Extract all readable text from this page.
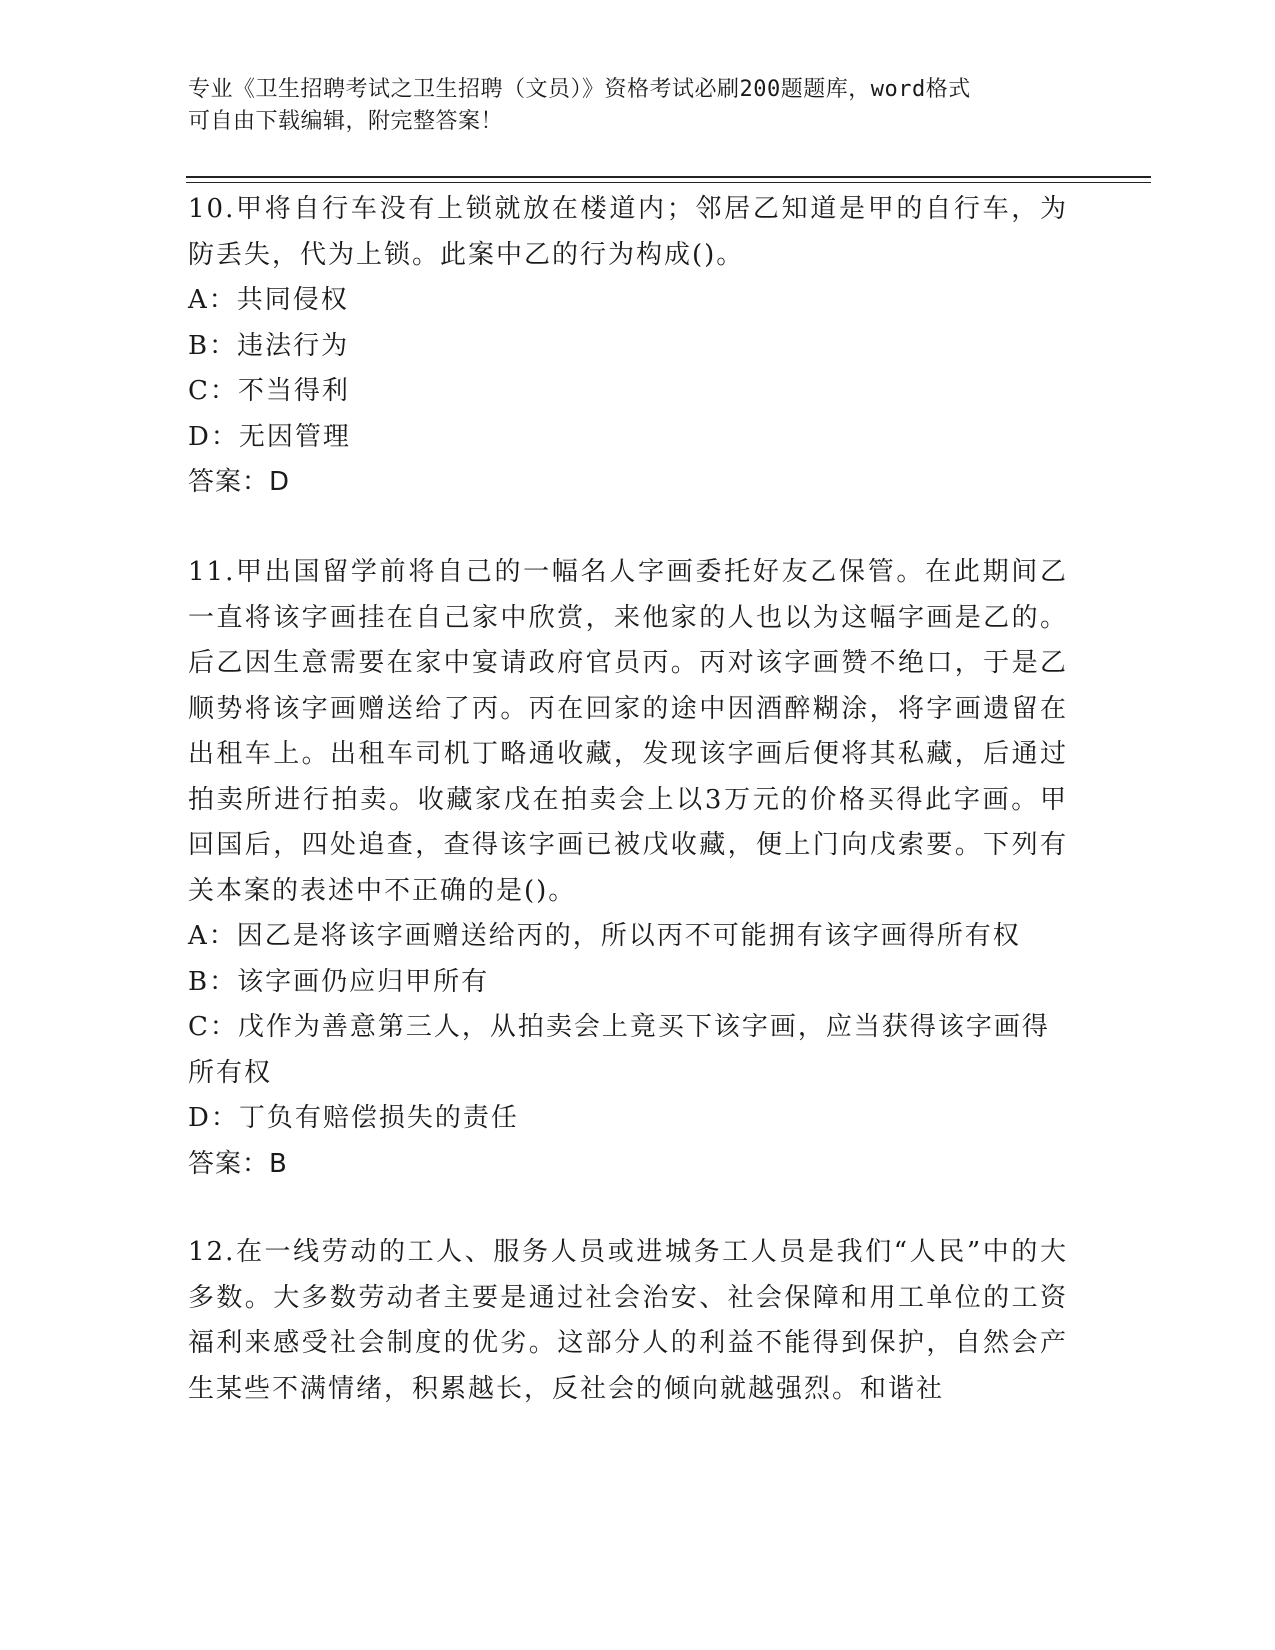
专业《卫生招聘考试之卫生招聘（文员）》资格考试必刷200题题库，word格式
可自由下载编辑，附完整答案！

10.甲将自行车没有上锁就放在楼道内；邻居乙知道是甲的自行车，为防丢失，代为上锁。此案中乙的行为构成()。

A：共同侵权

B：违法行为

C：不当得利

D：无因管理

答案：D

11.甲出国留学前将自己的一幅名人字画委托好友乙保管。在此期间乙一直将该字画挂在自己家中欣赏，来他家的人也以为这幅字画是乙的。后乙因生意需要在家中宴请政府官员丙。丙对该字画赞不绝口，于是乙顺势将该字画赠送给了丙。丙在回家的途中因酒醉糊涂，将字画遗留在出租车上。出租车司机丁略通收藏，发现该字画后便将其私藏，后通过拍卖所进行拍卖。收藏家戊在拍卖会上以3万元的价格买得此字画。甲回国后，四处追查，查得该字画已被戊收藏，便上门向戊索要。下列有关本案的表述中不正确的是()。

A：因乙是将该字画赠送给丙的，所以丙不可能拥有该字画得所有权

B：该字画仍应归甲所有

C：戊作为善意第三人，从拍卖会上竟买下该字画，应当获得该字画得所有权

D：丁负有赔偿损失的责任

答案：B

12.在一线劳动的工人、服务人员或进城务工人员是我们“人民”中的大多数。大多数劳动者主要是通过社会治安、社会保障和用工单位的工资福利来感受社会制度的优劣。这部分人的利益不能得到保护，自然会产生某些不满情绪，积累越长，反社会的倾向就越强烈。和谐社
